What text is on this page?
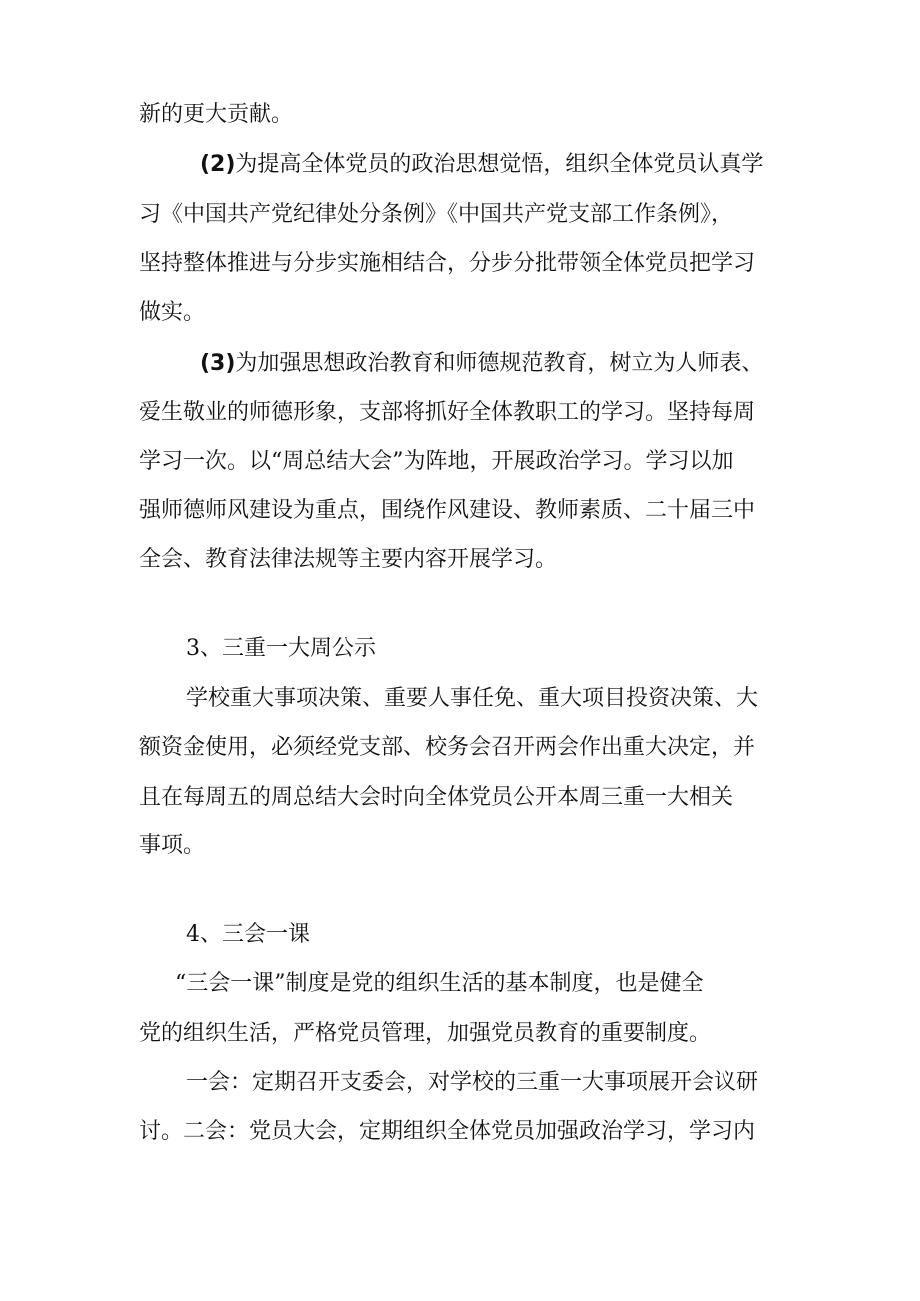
新的更大贡献。
(2)为提高全体党员的政治思想觉悟，组织全体党员认真学
习《中国共产党纪律处分条例》《中国共产党支部工作条例》，
坚持整体推进与分步实施相结合，分步分批带领全体党员把学习
做实。
(3)为加强思想政治教育和师德规范教育，树立为人师表、
爱生敬业的师德形象，支部将抓好全体教职工的学习。坚持每周
学习一次。以“周总结大会”为阵地，开展政治学习。学习以加
强师德师风建设为重点，围绕作风建设、教师素质、二十届三中
全会、教育法律法规等主要内容开展学习。
3、三重一大周公示
学校重大事项决策、重要人事任免、重大项目投资决策、大
额资金使用，必须经党支部、校务会召开两会作出重大决定，并
且在每周五的周总结大会时向全体党员公开本周三重一大相关
事项。
4、三会一课
“三会一课”制度是党的组织生活的基本制度，也是健全
党的组织生活，严格党员管理，加强党员教育的重要制度。
一会：定期召开支委会，对学校的三重一大事项展开会议研
讨。二会：党员大会，定期组织全体党员加强政治学习，学习内
